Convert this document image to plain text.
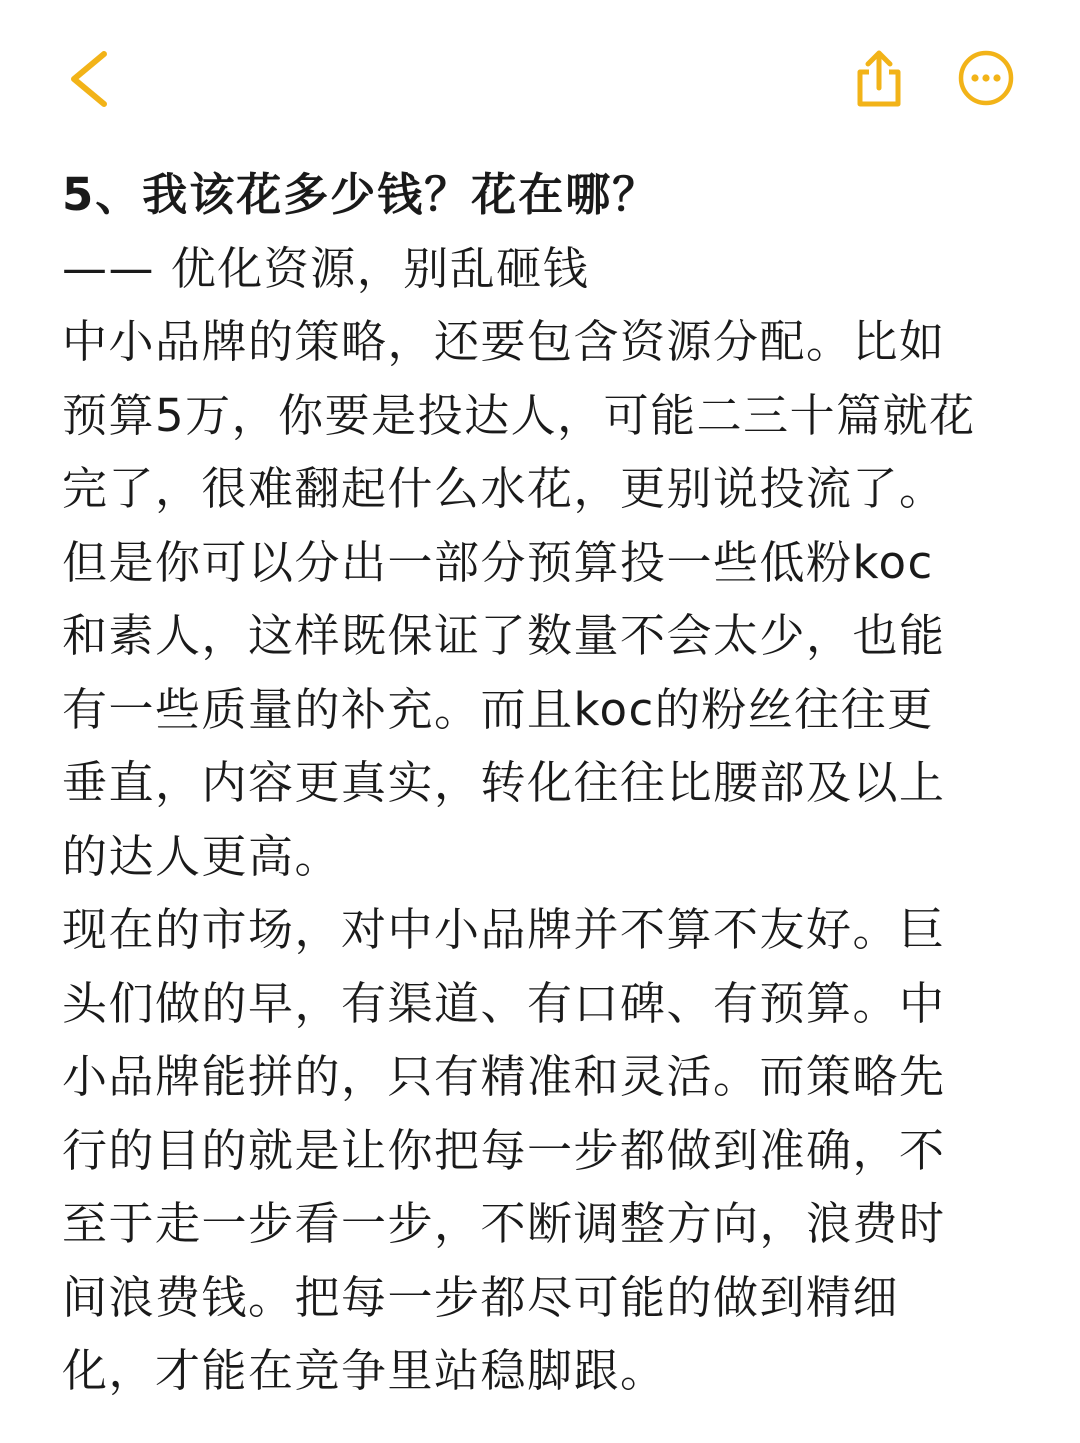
5、我该花多少钱？花在哪？
—— 优化资源，别乱砸钱
中小品牌的策略，还要包含资源分配。比如
预算5万，你要是投达人，可能二三十篇就花
完了，很难翻起什么水花，更别说投流了。
但是你可以分出一部分预算投一些低粉koc
和素人，这样既保证了数量不会太少，也能
有一些质量的补充。而且koc的粉丝往往更
垂直，内容更真实，转化往往比腰部及以上
的达人更高。
现在的市场，对中小品牌并不算不友好。巨
头们做的早，有渠道、有口碑、有预算。中
小品牌能拼的，只有精准和灵活。而策略先
行的目的就是让你把每一步都做到准确，不
至于走一步看一步，不断调整方向，浪费时
间浪费钱。把每一步都尽可能的做到精细
化，才能在竞争里站稳脚跟。
